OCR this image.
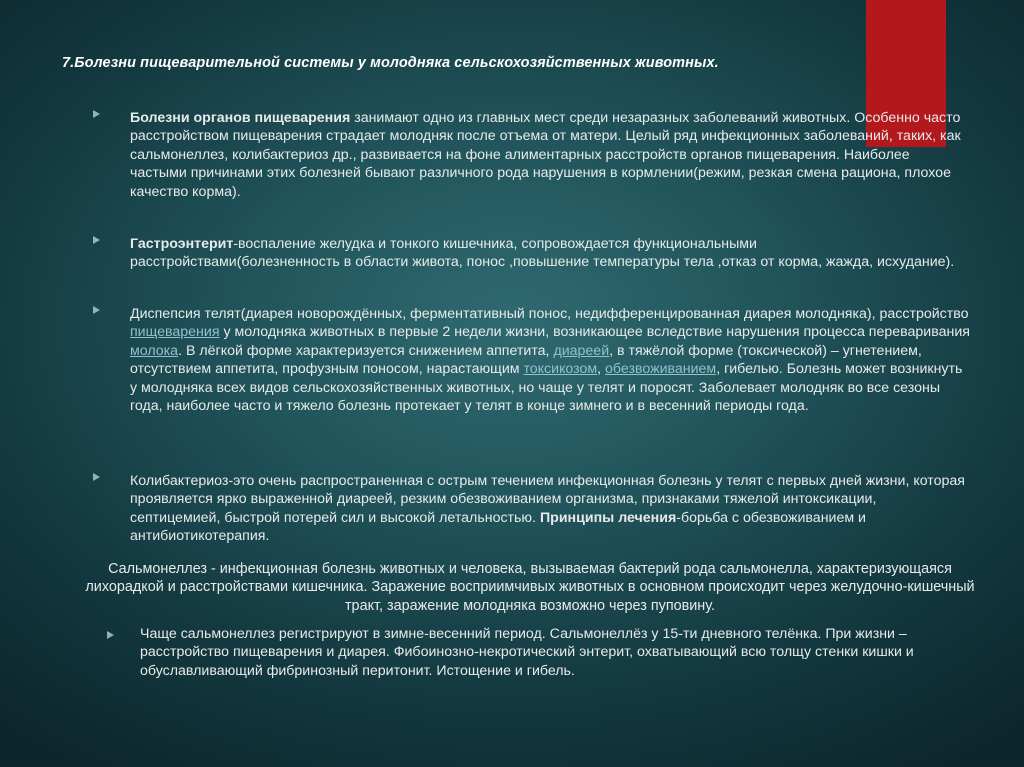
7.Болезни пищеварительной системы у молодняка сельскохозяйственных животных.
Болезни органов пищеварения занимают одно из главных мест среди незаразных заболеваний животных. Особенно часто расстройством пищеварения страдает молодняк после отъема от матери. Целый ряд инфекционных заболеваний, таких, как сальмонеллез, колибактериоз др., развивается на фоне алиментарных расстройств органов пищеварения. Наиболее частыми причинами этих болезней бывают различного рода нарушения в кормлении(режим, резкая смена рациона, плохое качество корма).
Гастроэнтерит-воспаление желудка и тонкого кишечника, сопровождается функциональными расстройствами(болезненность в области живота, понос ,повышение температуры тела ,отказ от корма, жажда, исхудание).
Диспепсия телят(диарея новорождённых, ферментативный понос, недифференцированная диарея молодняка), расстройство пищеварения у молодняка животных в первые 2 недели жизни, возникающее вследствие нарушения процесса переваривания молока. В лёгкой форме характеризуется снижением аппетита, диареей, в тяжёлой форме (токсической) – угнетением, отсутствием аппетита, профузным поносом, нарастающим токсикозом, обезвоживанием, гибелью. Болезнь может возникнуть у молодняка всех видов сельскохозяйственных животных, но чаще у телят и поросят. Заболевает молодняк во все сезоны года, наиболее часто и тяжело болезнь протекает у телят в конце зимнего и в весенний периоды года.
Колибактериоз-это очень распространенная с острым течением инфекционная болезнь у телят с первых дней жизни, которая проявляется ярко выраженной диареей, резким обезвоживанием организма, признаками тяжелой интоксикации, септицемией, быстрой потерей сил и высокой летальностью. Принципы лечения-борьба с обезвоживанием и антибиотикотерапия.
Сальмонеллез - инфекционная болезнь животных и человека, вызываемая бактерий рода сальмонелла, характеризующаяся лихорадкой и расстройствами кишечника. Заражение восприимчивых животных в основном происходит через желудочно-кишечный тракт, заражение молодняка возможно через пуповину.
Чаще сальмонеллез регистрируют в зимне-весенний период. Сальмонеллёз у 15-ти дневного телёнка. При жизни – расстройство пищеварения и диарея. Фибоинозно-некротический энтерит, охватывающий всю толщу стенки кишки и обуславливающий фибринозный перитонит. Истощение и гибель.
